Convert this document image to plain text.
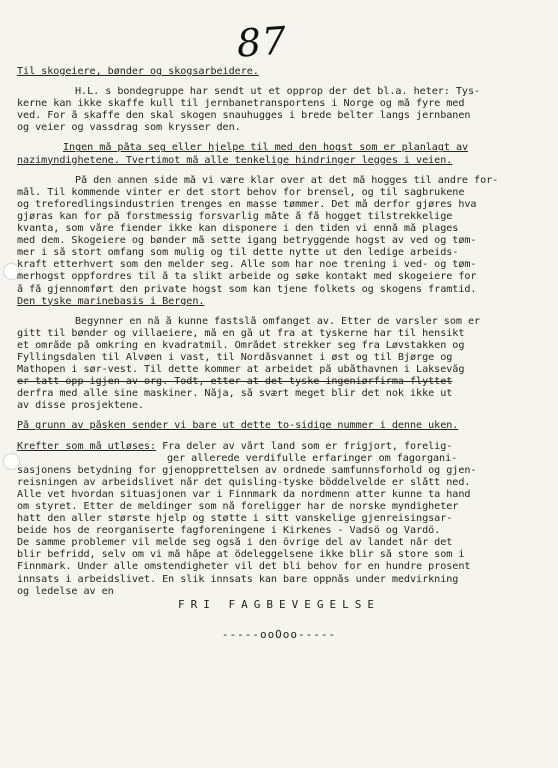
87
Til skogeiere, bønder og skogsarbeidere.
H.L. s bondegruppe har sendt ut et opprop der det bl.a. heter: Tys-
kerne kan ikke skaffe kull til jernbanetransportens i Norge og må fyre med
ved. For å skaffe den skal skogen snauhugges i brede belter langs jernbanen
og veier og vassdrag som krysser den.
Ingen må påta seg eller hjelpe til med den hogst som er planlagt av
nazimyndighetene. Tvertimot må alle tenkelige hindringer legges i veien.
På den annen side må vi være klar over at det må hogges til andre for-
mål. Til kommende vinter er det stort behov for brensel, og til sagbrukene
og treforedlingsindustrien trenges en masse tømmer. Det må derfor gjøres hva
gjøras kan for på forstmessig forsvarlig måte å få hogget tilstrekkelige
kvanta, som våre fiender ikke kan disponere i den tiden vi ennå må plages
med dem. Skogeiere og bønder må sette igang betryggende hogst av ved og tøm-
mer i så stort omfang som mulig og til dette nytte ut den ledige arbeids-
kraft etterhvert som den melder seg. Alle som har noe trening i ved- og tøm-
merhogst oppfordres til å ta slikt arbeide og søke kontakt med skogeiere for
å få gjennomført den private hogst som kan tjene folkets og skogens framtid.
Den tyske marinebasis i Bergen.
Begynner en nå å kunne fastslå omfanget av. Etter de varsler som er
gitt til bønder og villaeiere, må en gå ut fra at tyskerne har til hensikt
et område på omkring en kvadratmil. Området strekker seg fra Løvstakken og
Fyllingsdalen til Alvøen i vast, til Nordåsvannet i øst og til Bjørge og
Mathopen i sør-vest. Til dette kommer at arbeidet på ubåthavnen i Laksevåg
er tatt opp igjen av org. Todt, etter at det tyske ingeniørfirma flyttet
derfra med alle sine maskiner. Nåja, så svært meget blir det nok ikke ut
av disse prosjektene.
På grunn av påsken sender vi bare ut dette to-sidige nummer i denne uken.
Krefter som må utløses: Fra deler av vårt land som er frigjort, forelig-
ger allerede verdifulle erfaringer om fagorgani-
sasjonens betydning for gjenopprettelsen av ordnede samfunnsforhold og gjen-
reisningen av arbeidslivet når det quisling-tyske böddelvelde er slått ned.
Alle vet hvordan situasjonen var i Finnmark da nordmenn atter kunne ta hand
om styret. Etter de meldinger som nå foreligger har de norske myndigheter
hatt den aller største hjelp og støtte i sitt vanskelige gjenreisingsar-
beide hos de reorganiserte fagforeningene i Kirkenes - Vadsö og Vardö.
De samme problemer vil melde seg også i den övrige del av landet når det
blir befridd, selv om vi må håpe at ödeleggelsene ikke blir så store som i
Finnmark. Under alle omstendigheter vil det bli behov for en hundre prosent
innsats i arbeidslivet. En slik innsats kan bare oppnås under medvirkning
og ledelse av en
FRI FAGBEVEGELSE
-----ooOoo-----
